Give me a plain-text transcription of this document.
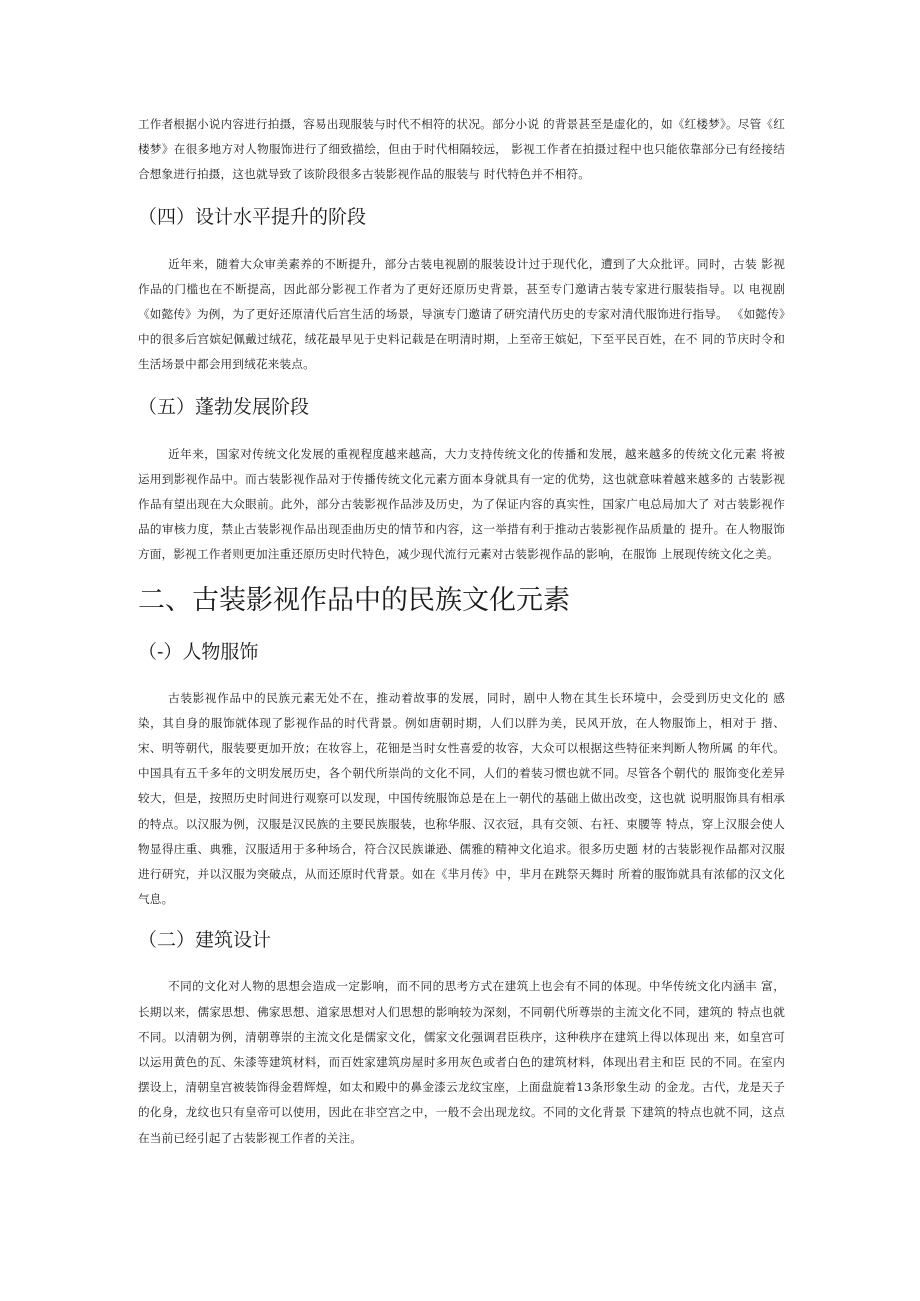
工作者根据小说内容进行拍摄，容易出现服装与时代不相符的状况。部分小说 的背景甚至是虚化的，如《红楼梦》。尽管《红楼梦》在很多地方对人物服饰进行了细致描绘，但由于时代相隔较远， 影视工作者在拍摄过程中也只能依靠部分已有经接结合想象进行拍摄，这也就导致了该阶段很多古装影视作品的服装与 时代特色并不相符。

（四）设计水平提升的阶段

近年来，随着大众审美素养的不断提升，部分古装电视剧的服装设计过于现代化，遭到了大众批评。同时，古装 影视作品的门槛也在不断提高，因此部分影视工作者为了更好还原历史背景，甚至专门邀请古装专家进行服装指导。以 电视剧《如懿传》为例，为了更好还原清代后宫生活的场景，导演专门邀请了研究清代历史的专家对清代服饰进行指导。 《如懿传》中的很多后宫嫔妃佩戴过绒花，绒花最早见于史料记载是在明清时期，上至帝王嫔妃，下至平民百姓，在不 同的节庆时令和生活场景中都会用到绒花来装点。

（五）蓬勃发展阶段

近年来，国家对传统文化发展的重视程度越来越高，大力支持传统文化的传播和发展，越来越多的传统文化元素 将被运用到影视作品中。而古装影视作品对于传播传统文化元素方面本身就具有一定的优势，这也就意味着越来越多的 古装影视作品有望出现在大众眼前。此外，部分古装影视作品涉及历史，为了保证内容的真实性，国家广电总局加大了 对古装影视作品的审核力度，禁止古装影视作品出现歪曲历史的情节和内容，这一举措有利于推动古装影视作品质量的 提升。在人物服饰方面，影视工作者则更加注重还原历史时代特色，减少现代流行元素对古装影视作品的影响，在服饰 上展现传统文化之美。

二、古装影视作品中的民族文化元素
（-）人物服饰

古装影视作品中的民族元素无处不在，推动着故事的发展，同时，剧中人物在其生长环境中，会受到历史文化的 感染，其自身的服饰就体现了影视作品的时代背景。例如唐朝时期，人们以胖为美，民风开放，在人物服饰上，相对于 揩、宋、明等朝代，服装要更加开放；在妆容上，花钿是当时女性喜爱的妆容，大众可以根据这些特征来判断人物所属 的年代。中国具有五千多年的文明发展历史，各个朝代所崇尚的文化不同，人们的着装习惯也就不同。尽管各个朝代的 服饰变化差异较大，但是，按照历史时间进行观察可以发现，中国传统服饰总是在上一朝代的基础上做出改变，这也就 说明服饰具有相承的特点。以汉服为例，汉服是汉民族的主要民族服装，也称华服、汉衣冠，具有交领、右衽、束腰等 特点，穿上汉服会使人物显得庄重、典雅，汉服适用于多种场合，符合汉民族谦逊、儒雅的精神文化追求。很多历史题 材的古装影视作品都对汉服进行研究，并以汉服为突破点，从而还原时代背景。如在《芈月传》中，芈月在跳祭天舞时 所着的服饰就具有浓郁的汉文化气息。

（二）建筑设计

不同的文化对人物的思想会造成一定影响，而不同的思考方式在建筑上也会有不同的体现。中华传统文化内涵丰 富，长期以来，儒家思想、佛家思想、道家思想对人们思想的影响较为深刻，不同朝代所尊崇的主流文化不同，建筑的 特点也就不同。以清朝为例，清朝尊崇的主流文化是儒家文化，儒家文化强调君臣秩序，这种秩序在建筑上得以体现出 来，如皇宫可以运用黄色的瓦、朱漆等建筑材料，而百姓家建筑房屋时多用灰色或者白色的建筑材料，体现出君主和臣 民的不同。在室内摆设上，清朝皇宫被装饰得金碧辉煌，如太和殿中的鼻金漆云龙纹宝座，上面盘旋着13条形象生动 的金龙。古代，龙是天子的化身，龙纹也只有皇帝可以使用，因此在非空宫之中，一般不会出现龙纹。不同的文化背景 下建筑的特点也就不同，这点在当前已经引起了古装影视工作者的关注。
